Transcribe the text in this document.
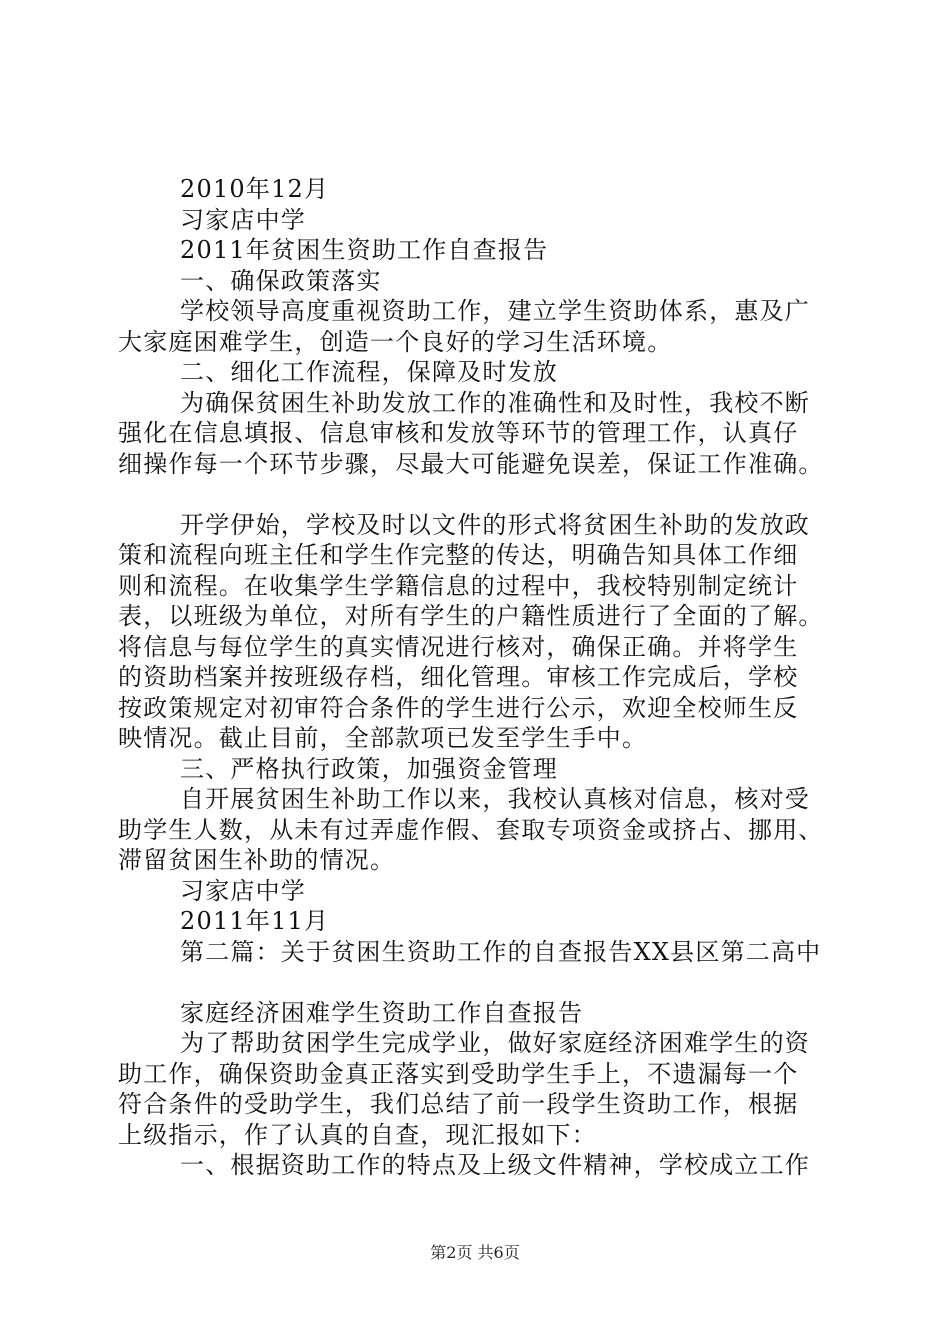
2010年12月
习家店中学
2011年贫困生资助工作自查报告
一、确保政策落实
学校领导高度重视资助工作，建立学生资助体系，惠及广
大家庭困难学生，创造一个良好的学习生活环境。
二、细化工作流程，保障及时发放
为确保贫困生补助发放工作的准确性和及时性，我校不断
强化在信息填报、信息审核和发放等环节的管理工作，认真仔
细操作每一个环节步骤，尽最大可能避免误差，保证工作准确。
开学伊始，学校及时以文件的形式将贫困生补助的发放政
策和流程向班主任和学生作完整的传达，明确告知具体工作细
则和流程。在收集学生学籍信息的过程中，我校特别制定统计
表，以班级为单位，对所有学生的户籍性质进行了全面的了解。
将信息与每位学生的真实情况进行核对，确保正确。并将学生
的资助档案并按班级存档，细化管理。审核工作完成后，学校
按政策规定对初审符合条件的学生进行公示，欢迎全校师生反
映情况。截止目前，全部款项已发至学生手中。
三、严格执行政策，加强资金管理
自开展贫困生补助工作以来，我校认真核对信息，核对受
助学生人数，从未有过弄虚作假、套取专项资金或挤占、挪用、
滞留贫困生补助的情况。
习家店中学
2011年11月
第二篇：关于贫困生资助工作的自查报告XX县区第二高中
家庭经济困难学生资助工作自查报告
为了帮助贫困学生完成学业，做好家庭经济困难学生的资
助工作，确保资助金真正落实到受助学生手上，不遗漏每一个
符合条件的受助学生，我们总结了前一段学生资助工作，根据
上级指示，作了认真的自查，现汇报如下：
一、根据资助工作的特点及上级文件精神，学校成立工作
第2页 共6页
